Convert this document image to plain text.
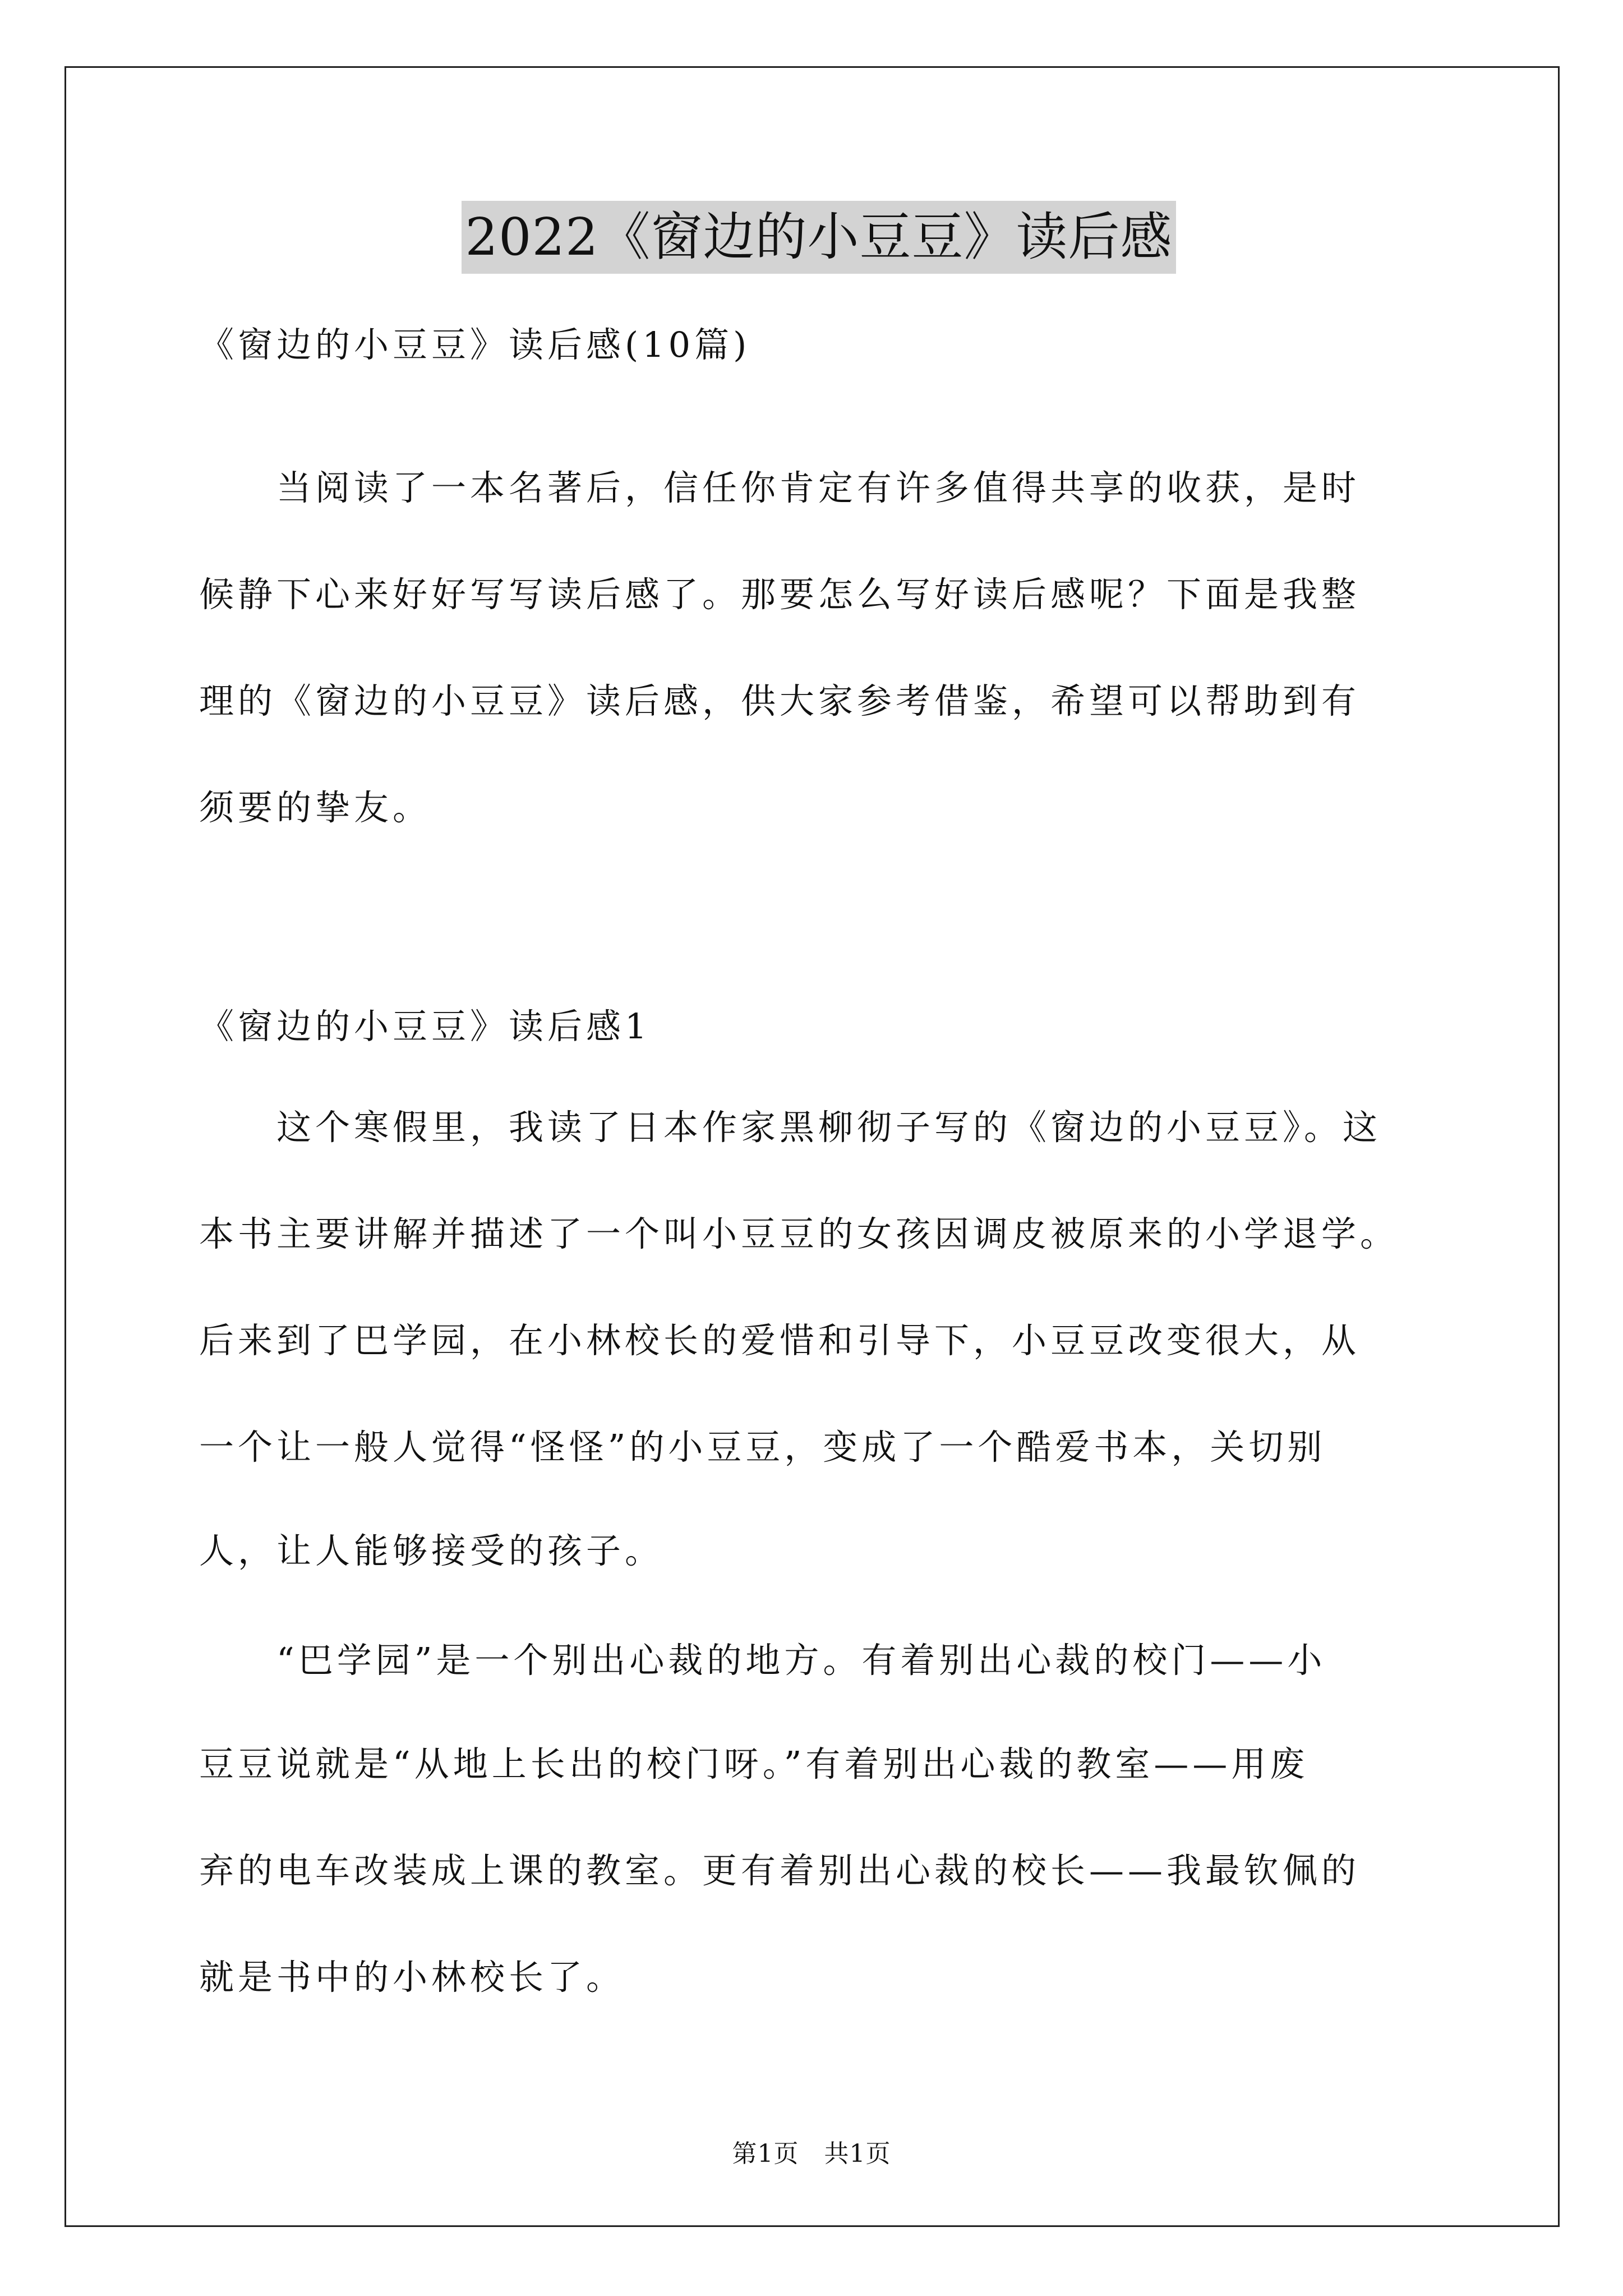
2022《窗边的小豆豆》读后感
《窗边的小豆豆》读后感(10篇)
　　当阅读了一本名著后，信任你肯定有许多值得共享的收获，是时
候静下心来好好写写读后感了。那要怎么写好读后感呢？下面是我整
理的《窗边的小豆豆》读后感，供大家参考借鉴，希望可以帮助到有
须要的挚友。
《窗边的小豆豆》读后感1
　　这个寒假里，我读了日本作家黑柳彻子写的《窗边的小豆豆》。这
本书主要讲解并描述了一个叫小豆豆的女孩因调皮被原来的小学退学。
后来到了巴学园，在小林校长的爱惜和引导下，小豆豆改变很大，从
一个让一般人觉得“怪怪”的小豆豆，变成了一个酷爱书本，关切别
人，让人能够接受的孩子。
　　“巴学园”是一个别出心裁的地方。有着别出心裁的校门——小
豆豆说就是“从地上长出的校门呀。”有着别出心裁的教室——用废
弃的电车改装成上课的教室。更有着别出心裁的校长——我最钦佩的
就是书中的小林校长了。
第1页 共1页
